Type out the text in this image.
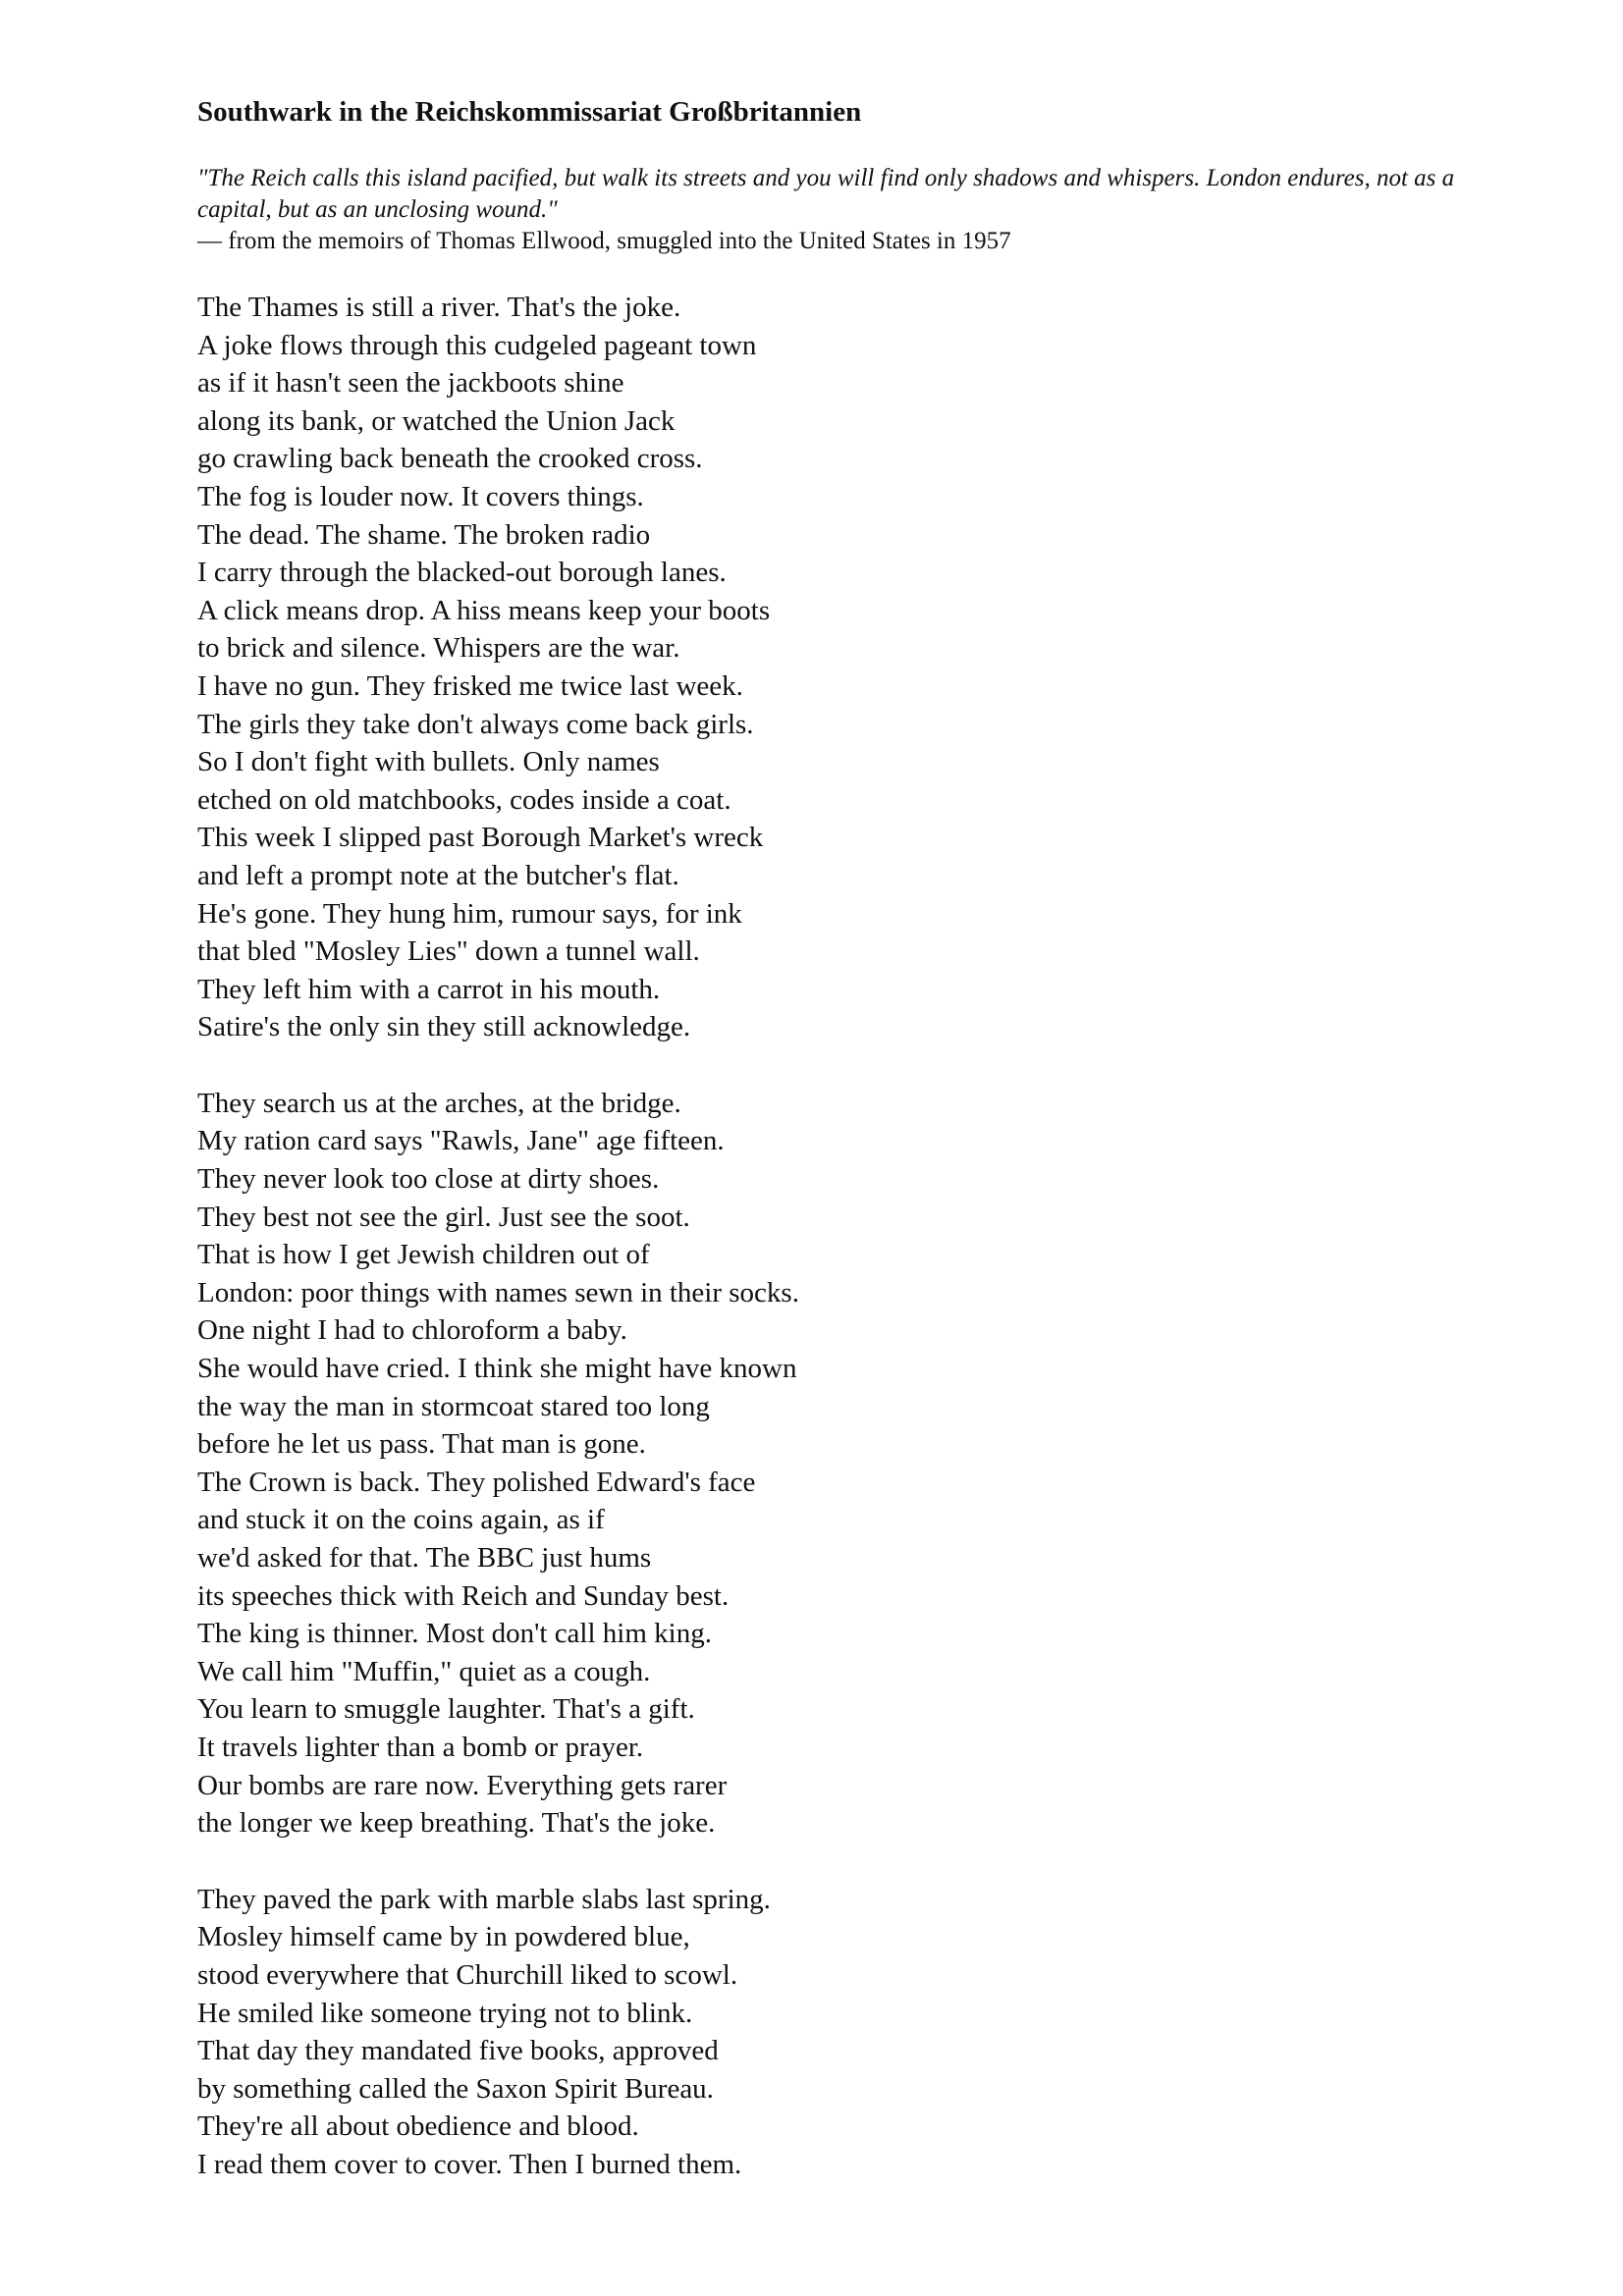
Southwark in the Reichskommissariat Großbritannien
"The Reich calls this island pacified, but walk its streets and you will find only shadows and whispers. London endures, not as a capital, but as an unclosing wound."
— from the memoirs of Thomas Ellwood, smuggled into the United States in 1957
The Thames is still a river. That's the joke.
A joke flows through this cudgeled pageant town
as if it hasn't seen the jackboots shine
along its bank, or watched the Union Jack
go crawling back beneath the crooked cross.
The fog is louder now. It covers things.
The dead. The shame. The broken radio
I carry through the blacked-out borough lanes.
A click means drop. A hiss means keep your boots
to brick and silence. Whispers are the war.
I have no gun. They frisked me twice last week.
The girls they take don't always come back girls.
So I don't fight with bullets. Only names
etched on old matchbooks, codes inside a coat.
This week I slipped past Borough Market's wreck
and left a prompt note at the butcher's flat.
He's gone. They hung him, rumour says, for ink
that bled "Mosley Lies" down a tunnel wall.
They left him with a carrot in his mouth.
Satire's the only sin they still acknowledge.
They search us at the arches, at the bridge.
My ration card says "Rawls, Jane" age fifteen.
They never look too close at dirty shoes.
They best not see the girl. Just see the soot.
That is how I get Jewish children out of
London: poor things with names sewn in their socks.
One night I had to chloroform a baby.
She would have cried. I think she might have known
the way the man in stormcoat stared too long
before he let us pass. That man is gone.
The Crown is back. They polished Edward's face
and stuck it on the coins again, as if
we'd asked for that. The BBC just hums
its speeches thick with Reich and Sunday best.
The king is thinner. Most don't call him king.
We call him "Muffin," quiet as a cough.
You learn to smuggle laughter. That's a gift.
It travels lighter than a bomb or prayer.
Our bombs are rare now. Everything gets rarer
the longer we keep breathing. That's the joke.
They paved the park with marble slabs last spring.
Mosley himself came by in powdered blue,
stood everywhere that Churchill liked to scowl.
He smiled like someone trying not to blink.
That day they mandated five books, approved
by something called the Saxon Spirit Bureau.
They're all about obedience and blood.
I read them cover to cover. Then I burned them.
